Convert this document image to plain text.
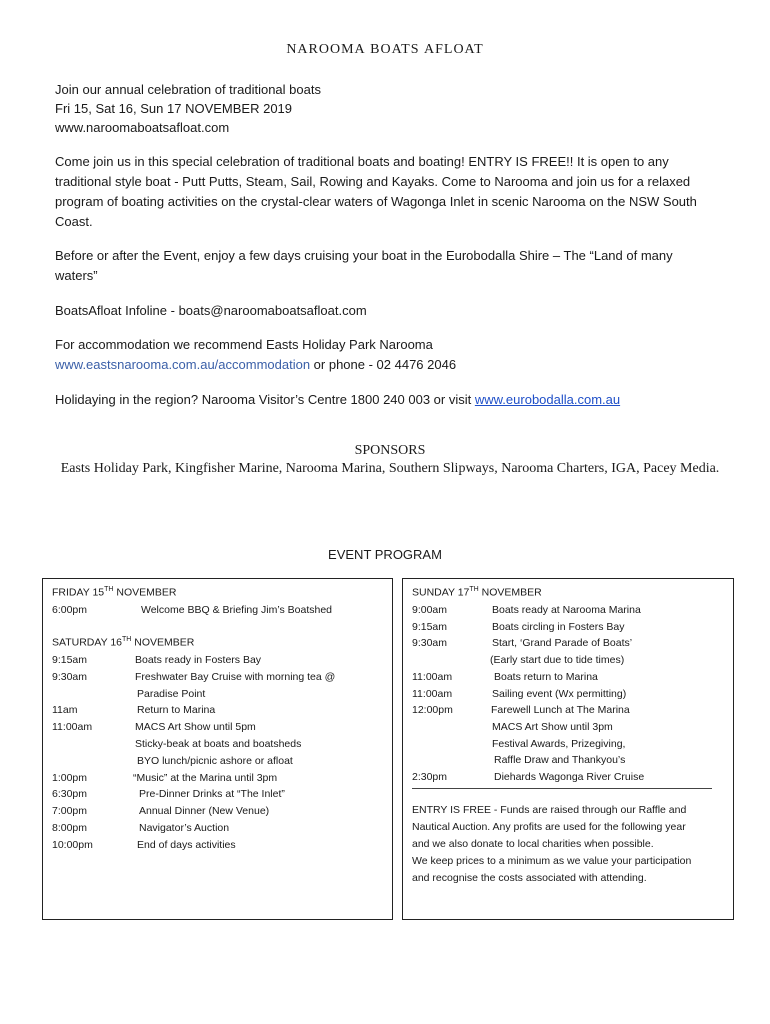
narooma boats afloat
Join our annual celebration of traditional boats
Fri 15, Sat 16, Sun 17 NOVEMBER 2019
www.naroomaboatsafloat.com
Come join us in this special celebration of traditional boats and boating! ENTRY IS FREE!! It is open to any traditional style boat - Putt Putts, Steam, Sail, Rowing and Kayaks. Come to Narooma and join us for a relaxed program of boating activities on the crystal-clear waters of Wagonga Inlet in scenic Narooma on the NSW South Coast.
Before or after the Event, enjoy a few days cruising your boat in the Eurobodalla Shire – The “Land of many waters”
BoatsAfloat Infoline - boats@naroomaboatsafloat.com
For accommodation we recommend Easts Holiday Park Narooma
www.eastsnarooma.com.au/accommodation or phone - 02 4476 2046
Holidaying in the region? Narooma Visitor’s Centre 1800 240 003 or visit www.eurobodalla.com.au
SPONSORS
Easts Holiday Park, Kingfisher Marine, Narooma Marina, Southern Slipways, Narooma Charters, IGA, Pacey Media.
EVENT PROGRAM
FRIDAY 15TH NOVEMBER
6:00pm	Welcome BBQ & Briefing Jim’s Boatshed
SATURDAY 16TH NOVEMBER
9:15am	Boats ready in Fosters Bay
9:30am	Freshwater Bay Cruise with morning tea @
Paradise Point
11am	Return to Marina
11:00am	MACS Art Show until 5pm
Sticky-beak at boats and boatsheds
BYO lunch/picnic ashore or afloat
1:00pm	“Music” at the Marina until 3pm
6:30pm	Pre-Dinner Drinks at “The Inlet”
7:00pm	Annual Dinner (New Venue)
8:00pm	Navigator’s Auction
10:00pm	End of days activities
SUNDAY 17TH NOVEMBER
9:00am	Boats ready at Narooma Marina
9:15am	Boats circling in Fosters Bay
9:30am	Start, ‘Grand Parade of Boats’
(Early start due to tide times)
11:00am	Boats return to Marina
11:00am	Sailing event (Wx permitting)
12:00pm	Farewell Lunch at The Marina
MACS Art Show until 3pm
Festival Awards, Prizegiving,
Raffle Draw and Thankyou’s
2:30pm	Diehards Wagonga River Cruise
ENTRY IS FREE - Funds are raised through our Raffle and
Nautical Auction. Any profits are used for the following year
and we also donate to local charities when possible.
We keep prices to a minimum as we value your participation
and recognise the costs associated with attending.
